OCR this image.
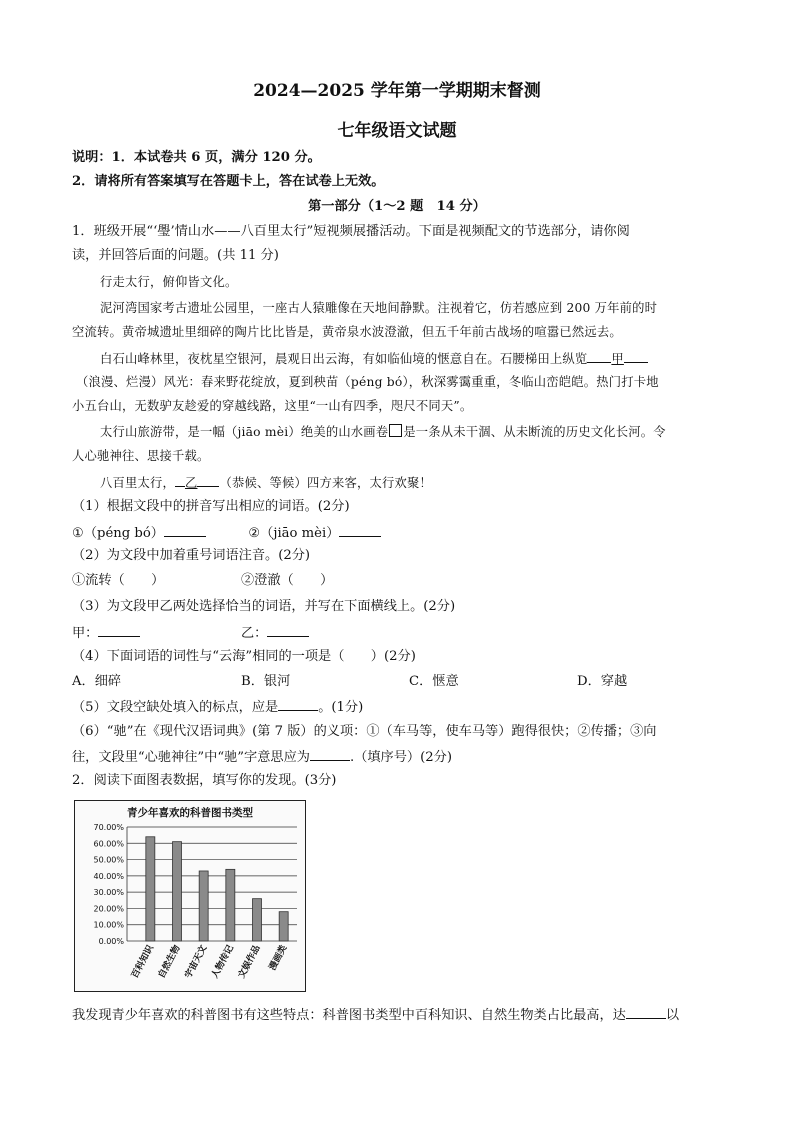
2024—2025 学年第一学期期末督测
七年级语文试题
说明：1．本试卷共 6 页，满分 120 分。
2．请将所有答案填写在答题卡上，答在试卷上无效。
第一部分（1～2 题　14 分）
1．班级开展“‘璺’情山水——八百里太行”短视频展播活动。下面是视频配文的节选部分，请你阅
读，并回答后面的问题。(共 11 分)
行走太行，俯仰皆文化。
泥河湾国家考古遗址公园里，一座古人猿雕像在天地间静默。注视着它，仿若感应到 200 万年前的时
空流转。黄帝城遗址里细碎的陶片比比皆是，黄帝泉水波澄澈，但五千年前古战场的喧嚣已然远去。
白石山峰林里，夜枕星空银河，晨观日出云海，有如临仙境的惬意自在。石腰梯田上纵览 甲
（浪漫、烂漫）风光：春来野花绽放，夏到秧苗（péng bó），秋深雾霭重重，冬临山峦皑皑。热门打卡地
小五台山，无数驴友趁爱的穿越线路，这里“一山有四季，咫尺不同天”。
太行山旅游带，是一幅（jiāo mèi）绝美的山水画卷 是一条从未干涸、从未断流的历史文化长河。令
人心驰神往、思接千载。
八百里太行， 乙 （恭候、等候）四方来客，太行欢聚！
（1）根据文段中的拼音写出相应的词语。(2分)
①（péng bó）	②（jiāo mèi）
（2）为文段中加着重号词语注音。(2分)
①流转（　　）	②澄澈（　　）
（3）为文段甲乙两处选择恰当的词语，并写在下面横线上。(2分)
甲：	乙：
（4）下面词语的词性与“云海”相同的一项是（　　）(2分)
A．细碎	B．银河	C．惬意	D．穿越
（5）文段空缺处填入的标点，应是	。(1分)
（6）“驰”在《现代汉语词典》(第 7 版）的义项：①（车马等，使车马等）跑得很快；②传播；③向
往，文段里“心驰神往”中“驰”字意思应为	.（填序号）(2分)
2．阅读下面图表数据，填写你的发现。(3分)
青少年喜欢的科普图书类型
70.00%
60.00%
50.00%
40.00%
30.00%
20.00%
10.00%
0.00%
百科知识 自然生物 宇宙天文 人物传记 文娱作品 漫画类
我发现青少年喜欢的科普图书有这些特点：科普图书类型中百科知识、自然生物类占比最高，达	以
